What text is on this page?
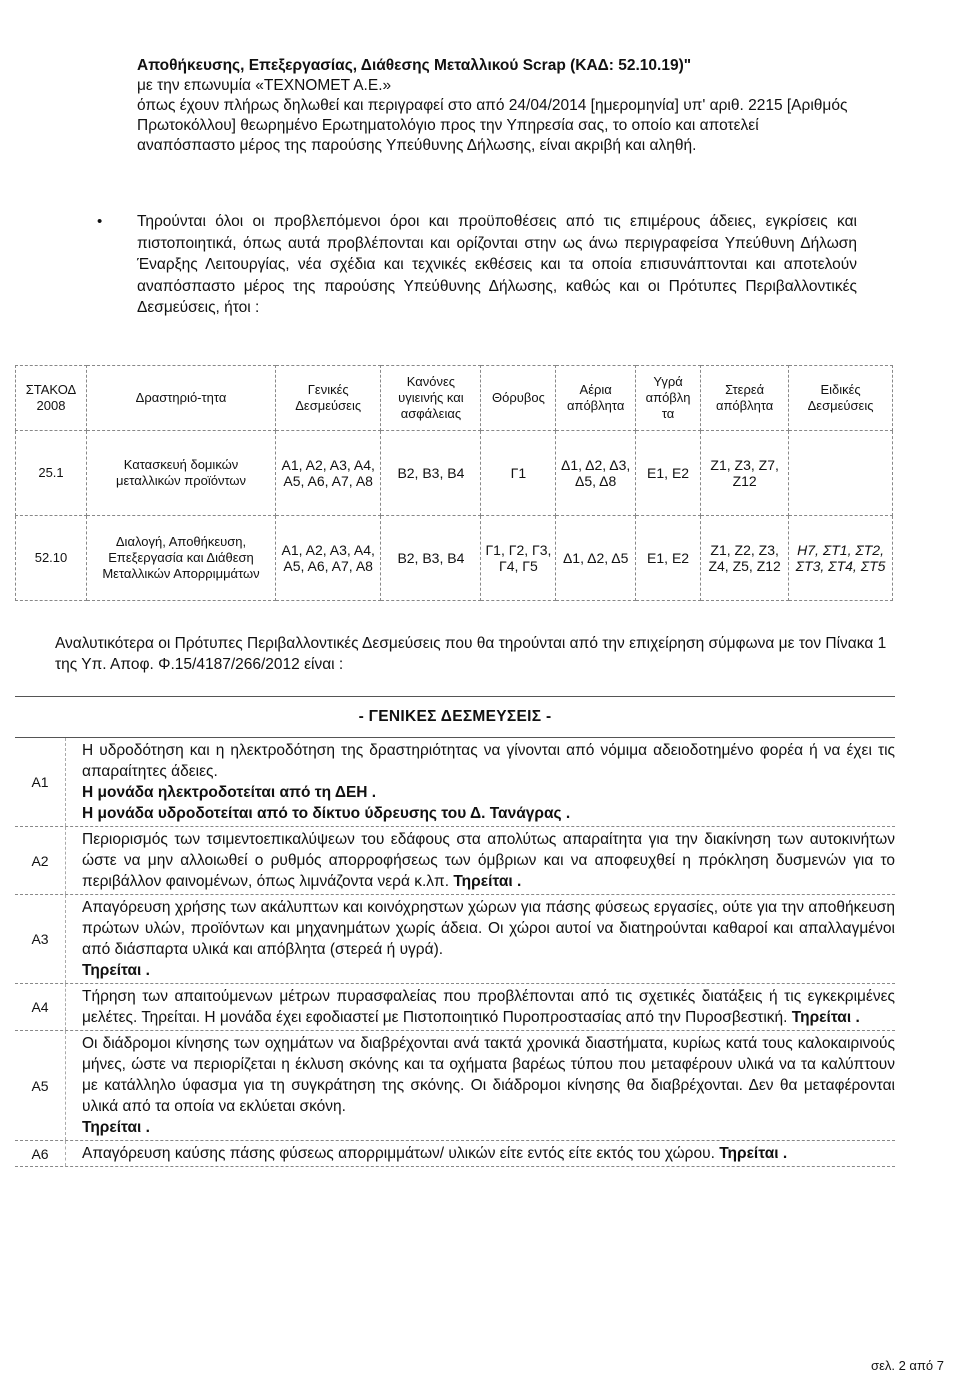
Αποθήκευσης, Επεξεργασίας, Διάθεσης Μεταλλικού Scrap (ΚΑΔ: 52.10.19)"

με την επωνυμία «ΤΕΧΝΟΜΕΤ Α.Ε.»

όπως έχουν πλήρως δηλωθεί και περιγραφεί στο από 24/04/2014 [ημερομηνία] υπ' αριθ. 2215 [Αριθμός Πρωτοκόλλου] θεωρημένο Ερωτηματολόγιο προς την Υπηρεσία σας, το οποίο και αποτελεί αναπόσπαστο μέρος της παρούσης Υπεύθυνης Δήλωσης, είναι ακριβή και αληθή.

• Τηρούνται όλοι οι προβλεπόμενοι όροι και προϋποθέσεις από τις επιμέρους άδειες, εγκρίσεις και πιστοποιητικά, όπως αυτά προβλέπονται και ορίζονται στην ως άνω περιγραφείσα Υπεύθυνη Δήλωση Έναρξης Λειτουργίας, νέα σχέδια και τεχνικές εκθέσεις και τα οποία επισυνάπτονται και αποτελούν αναπόσπαστο μέρος της παρούσης Υπεύθυνης Δήλωσης, καθώς και οι Πρότυπες Περιβαλλοντικές Δεσμεύσεις, ήτοι :
ΣΤΑΚΟΔ 2008	Δραστηριό-τητα	Γενικές Δεσμεύσεις	Κανόνες υγιεινής και ασφάλειας	Θόρυβος	Αέρια απόβλητα	Υγρά απόβλη τα	Στερεά απόβλητα	Ειδικές Δεσμεύσεις
25.1	Κατασκευή δομικών μεταλλικών προϊόντων	Α1, Α2, Α3, Α4, Α5, Α6, Α7, Α8	Β2, Β3, Β4	Γ1	Δ1, Δ2, Δ3, Δ5, Δ8	Ε1, Ε2	Ζ1, Ζ3, Ζ7, Ζ12	
52.10	Διαλογή, Αποθήκευση, Επεξεργασία και Διάθεση Μεταλλικών Απορριμμάτων	Α1, Α2, Α3, Α4, Α5, Α6, Α7, Α8	Β2, Β3, Β4	Γ1, Γ2, Γ3, Γ4, Γ5	Δ1, Δ2, Δ5	Ε1, Ε2	Ζ1, Ζ2, Ζ3, Ζ4, Ζ5, Ζ12	Η7, ΣΤ1, ΣΤ2, ΣΤ3, ΣΤ4, ΣΤ5
Αναλυτικότερα οι Πρότυπες Περιβαλλοντικές Δεσμεύσεις που θα τηρούνται από την επιχείρηση σύμφωνα με τον Πίνακα 1 της Υπ. Αποφ. Φ.15/4187/266/2012 είναι :
- ΓΕΝΙΚΕΣ ΔΕΣΜΕΥΣΕΙΣ -
Α1
Η υδροδότηση και η ηλεκτροδότηση της δραστηριότητας να γίνονται από νόμιμα αδειοδοτημένο φορέα ή να έχει τις απαραίτητες άδειες.
Η μονάδα ηλεκτροδοτείται από τη ΔΕΗ .
Η μονάδα υδροδοτείται από το δίκτυο ύδρευσης του Δ. Τανάγρας .
Α2
Περιορισμός των τσιμεντοεπικαλύψεων του εδάφους στα απολύτως απαραίτητα για την διακίνηση των αυτοκινήτων ώστε να μην αλλοιωθεί ο ρυθμός απορροφήσεως των όμβριων και να αποφευχθεί η πρόκληση δυσμενών για το περιβάλλον φαινομένων, όπως λιμνάζοντα νερά κ.λπ. Τηρείται .
Α3
Απαγόρευση χρήσης των ακάλυπτων και κοινόχρηστων χώρων για πάσης φύσεως εργασίες, ούτε για την αποθήκευση πρώτων υλών, προϊόντων και μηχανημάτων χωρίς άδεια. Οι χώροι αυτοί να διατηρούνται καθαροί και απαλλαγμένοι από διάσπαρτα υλικά και απόβλητα (στερεά ή υγρά).
Τηρείται .
Α4
Τήρηση των απαιτούμενων μέτρων πυρασφαλείας που προβλέπονται από τις σχετικές διατάξεις ή τις εγκεκριμένες μελέτες. Τηρείται. Η μονάδα έχει εφοδιαστεί με Πιστοποιητικό Πυροπροστασίας από την Πυροσβεστική. Τηρείται .
Α5
Οι διάδρομοι κίνησης των οχημάτων να διαβρέχονται ανά τακτά χρονικά διαστήματα, κυρίως κατά τους καλοκαιρινούς μήνες, ώστε να περιορίζεται η έκλυση σκόνης και τα οχήματα βαρέως τύπου που μεταφέρουν υλικά να τα καλύπτουν με κατάλληλο ύφασμα για τη συγκράτηση της σκόνης. Οι διάδρομοι κίνησης θα διαβρέχονται. Δεν θα μεταφέρονται υλικά από τα οποία να εκλύεται σκόνη.
Τηρείται .
Α6	Απαγόρευση καύσης πάσης φύσεως απορριμμάτων/ υλικών είτε εντός είτε εκτός του χώρου. Τηρείται .
σελ. 2 από 7
